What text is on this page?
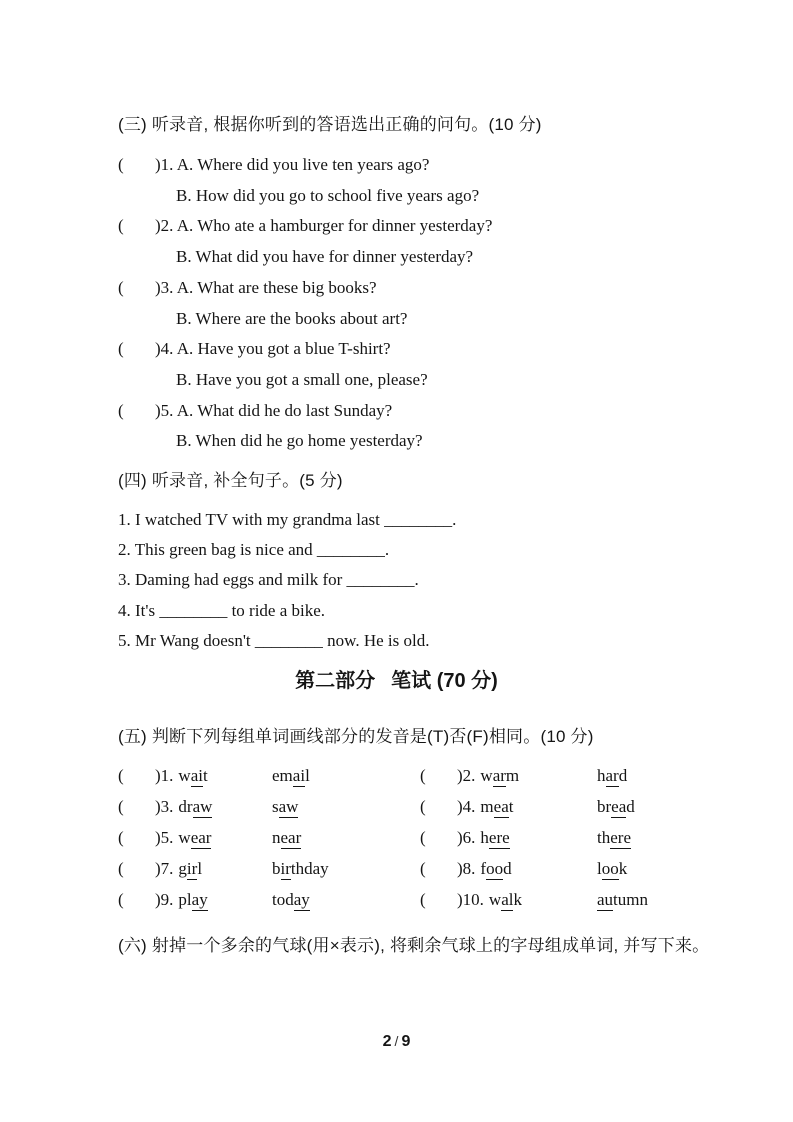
(三) 听录音, 根据你听到的答语选出正确的问句。(10 分)
( )1. A. Where did you live ten years ago?
B. How did you go to school five years ago?
( )2. A. Who ate a hamburger for dinner yesterday?
B. What did you have for dinner yesterday?
( )3. A. What are these big books?
B. Where are the books about art?
( )4. A. Have you got a blue T-shirt?
B. Have you got a small one, please?
( )5. A. What did he do last Sunday?
B. When did he go home yesterday?
(四) 听录音, 补全句子。(5 分)
1. I watched TV with my grandma last ________.
2. This green bag is nice and ________.
3. Daming had eggs and milk for ________.
4. It's ________ to ride a bike.
5. Mr Wang doesn't ________ now. He is old.
第二部分 笔试 (70 分)
(五) 判断下列每组单词画线部分的发音是(T)否(F)相同。(10 分)
(	)1. wait	email	(	)2. warm	hard
(	)3. draw	saw	(	)4. meat	bread
(	)5. wear	near	(	)6. here	there
(	)7. girl	birthday	(	)8. food	look
(	)9. play	today	(	)10. walk	autumn
(六) 射掉一个多余的气球(用×表示), 将剩余气球上的字母组成单词, 并写下来。
2 / 9
